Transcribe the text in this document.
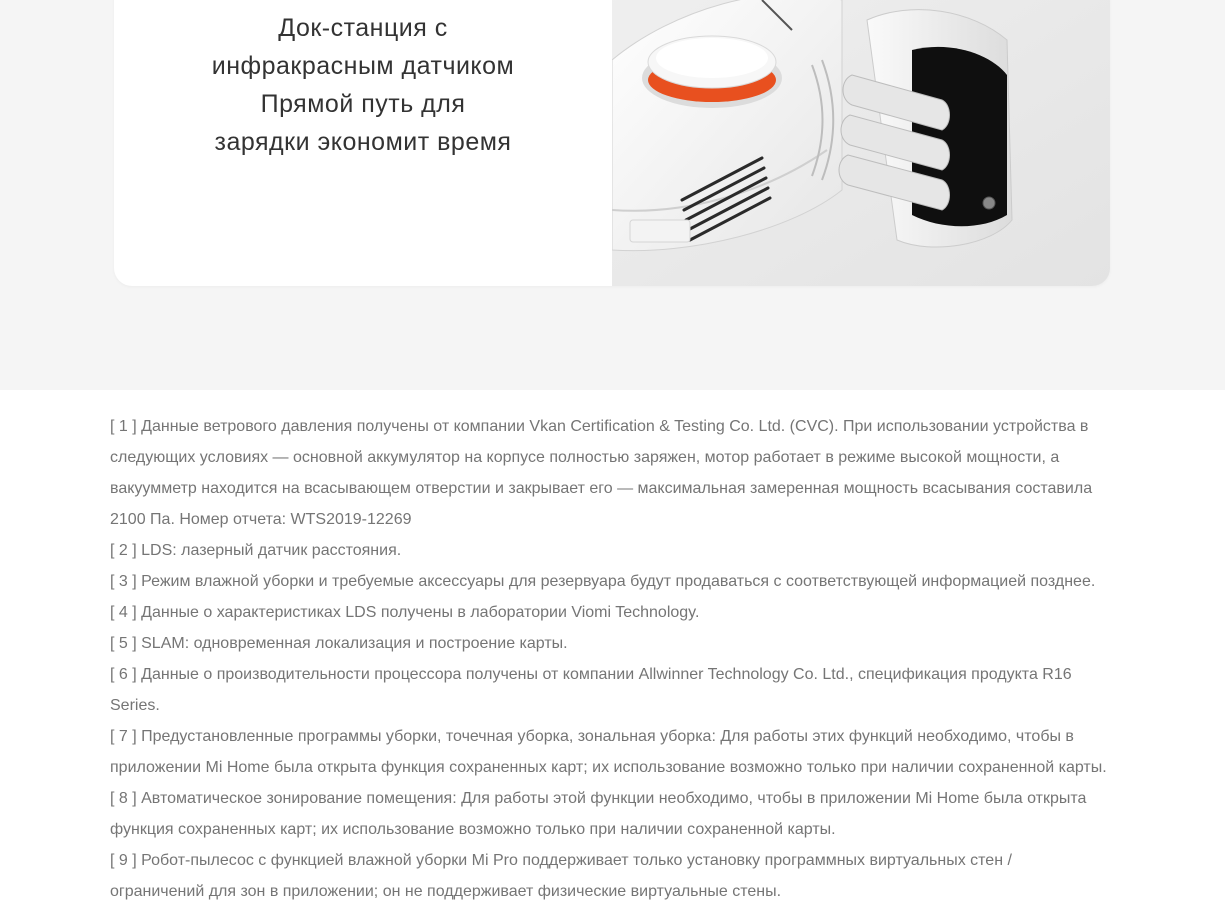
Док-станция с
инфракрасным датчиком
Прямой путь для
зарядки экономит время
[ 1 ] Данные ветрового давления получены от компании Vkan Certification & Testing Co. Ltd. (CVC). При использовании устройства в следующих условиях — основной аккумулятор на корпусе полностью заряжен, мотор работает в режиме высокой мощности, а вакуумметр находится на всасывающем отверстии и закрывает его — максимальная замеренная мощность всасывания составила 2100 Па. Номер отчета: WTS2019-12269
[ 2 ] LDS: лазерный датчик расстояния.
[ 3 ] Режим влажной уборки и требуемые аксессуары для резервуара будут продаваться с соответствующей информацией позднее.
[ 4 ] Данные о характеристиках LDS получены в лаборатории Viomi Technology.
[ 5 ] SLAM: одновременная локализация и построение карты.
[ 6 ] Данные о производительности процессора получены от компании Allwinner Technology Co. Ltd., спецификация продукта R16 Series.
[ 7 ] Предустановленные программы уборки, точечная уборка, зональная уборка: Для работы этих функций необходимо, чтобы в приложении Mi Home была открыта функция сохраненных карт; их использование возможно только при наличии сохраненной карты.
[ 8 ] Автоматическое зонирование помещения: Для работы этой функции необходимо, чтобы в приложении Mi Home была открыта функция сохраненных карт; их использование возможно только при наличии сохраненной карты.
[ 9 ] Робот-пылесос с функцией влажной уборки Mi Pro поддерживает только установку программных виртуальных стен / ограничений для зон в приложении; он не поддерживает физические виртуальные стены.
